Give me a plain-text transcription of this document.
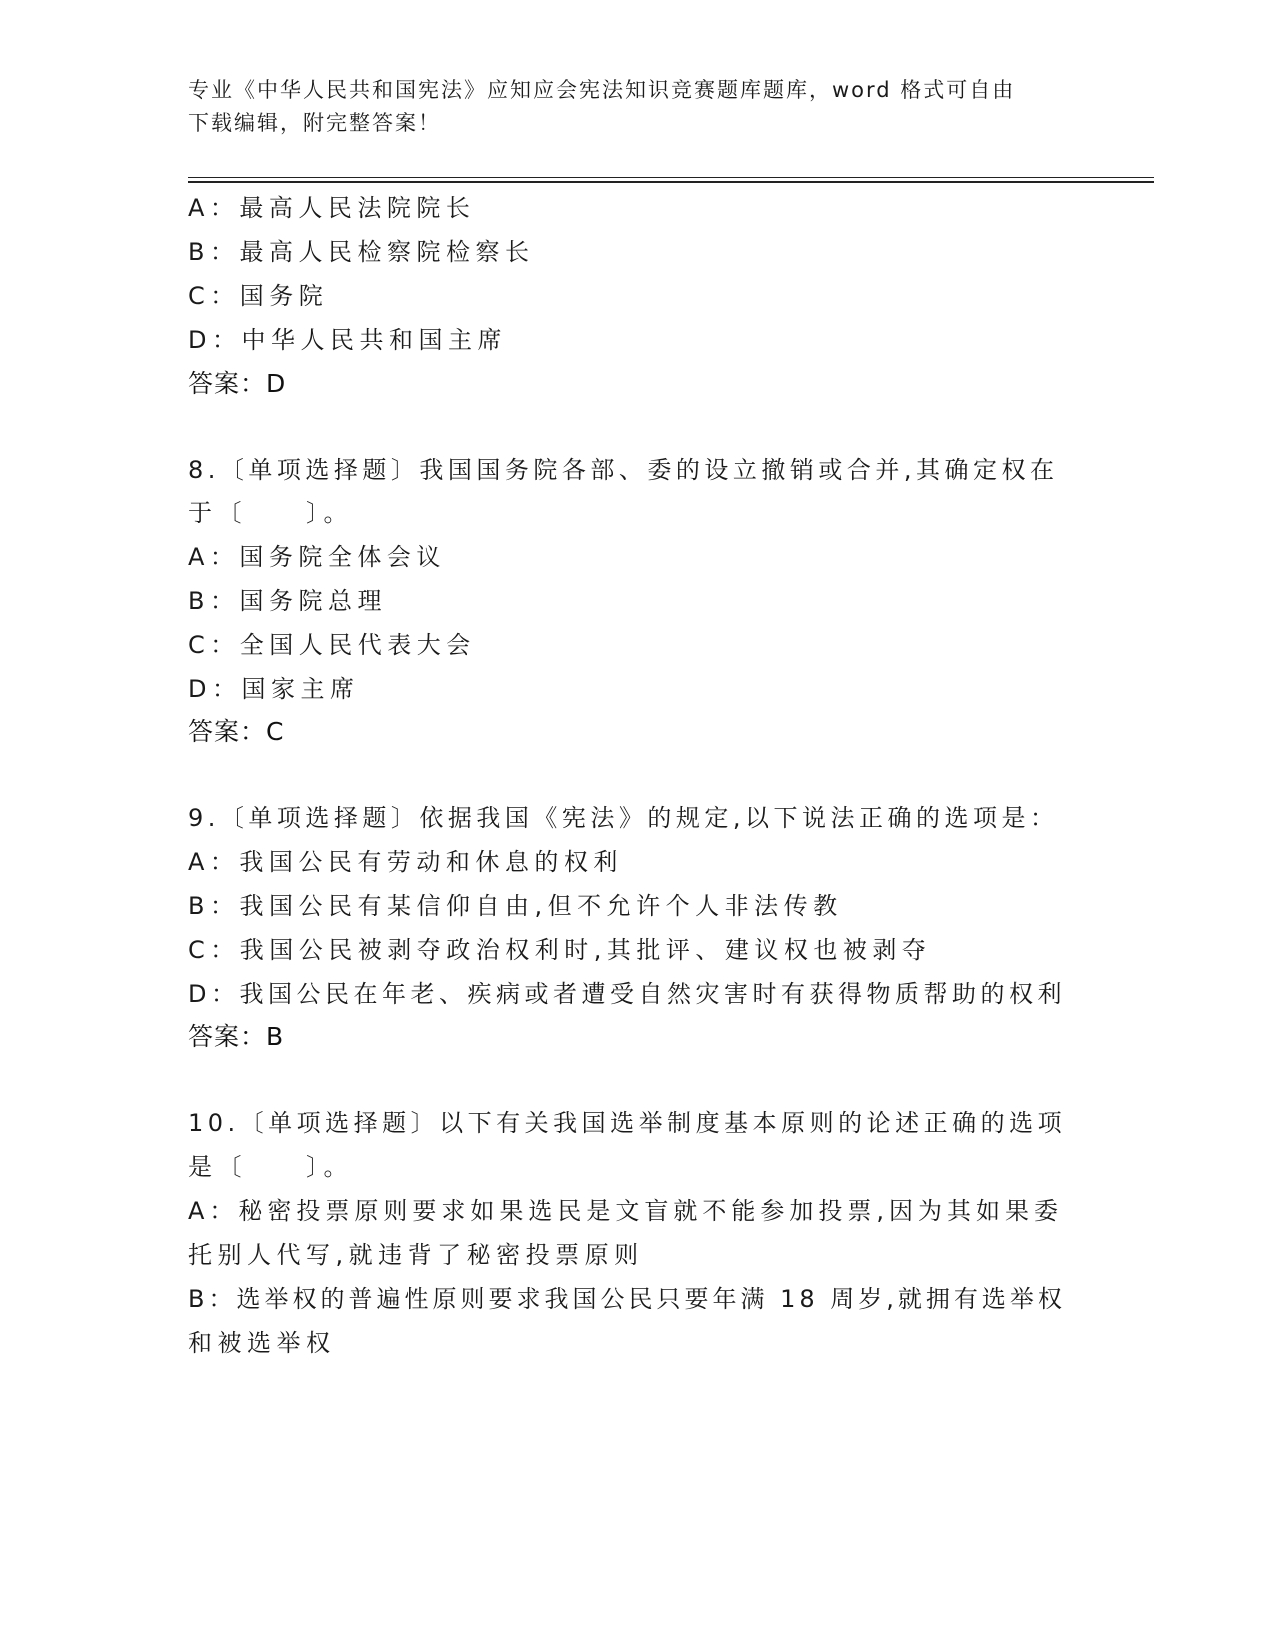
专业《中华人民共和国宪法》应知应会宪法知识竞赛题库题库，word 格式可自由
下载编辑，附完整答案！
A：最高人民法院院长
B：最高人民检察院检察长
C：国务院
D：中华人民共和国主席
答案：D
8.〔单项选择题〕我国国务院各部、委的设立撤销或合并,其确定权在
于〔　　〕。
A：国务院全体会议
B：国务院总理
C：全国人民代表大会
D：国家主席
答案：C
9.〔单项选择题〕依据我国《宪法》的规定,以下说法正确的选项是：
A：我国公民有劳动和休息的权利
B：我国公民有某信仰自由,但不允许个人非法传教
C：我国公民被剥夺政治权利时,其批评、建议权也被剥夺
D：我国公民在年老、疾病或者遭受自然灾害时有获得物质帮助的权利
答案：B
10.〔单项选择题〕以下有关我国选举制度基本原则的论述正确的选项
是〔　　〕。
A：秘密投票原则要求如果选民是文盲就不能参加投票,因为其如果委
托别人代写,就违背了秘密投票原则
B：选举权的普遍性原则要求我国公民只要年满 18 周岁,就拥有选举权
和被选举权
